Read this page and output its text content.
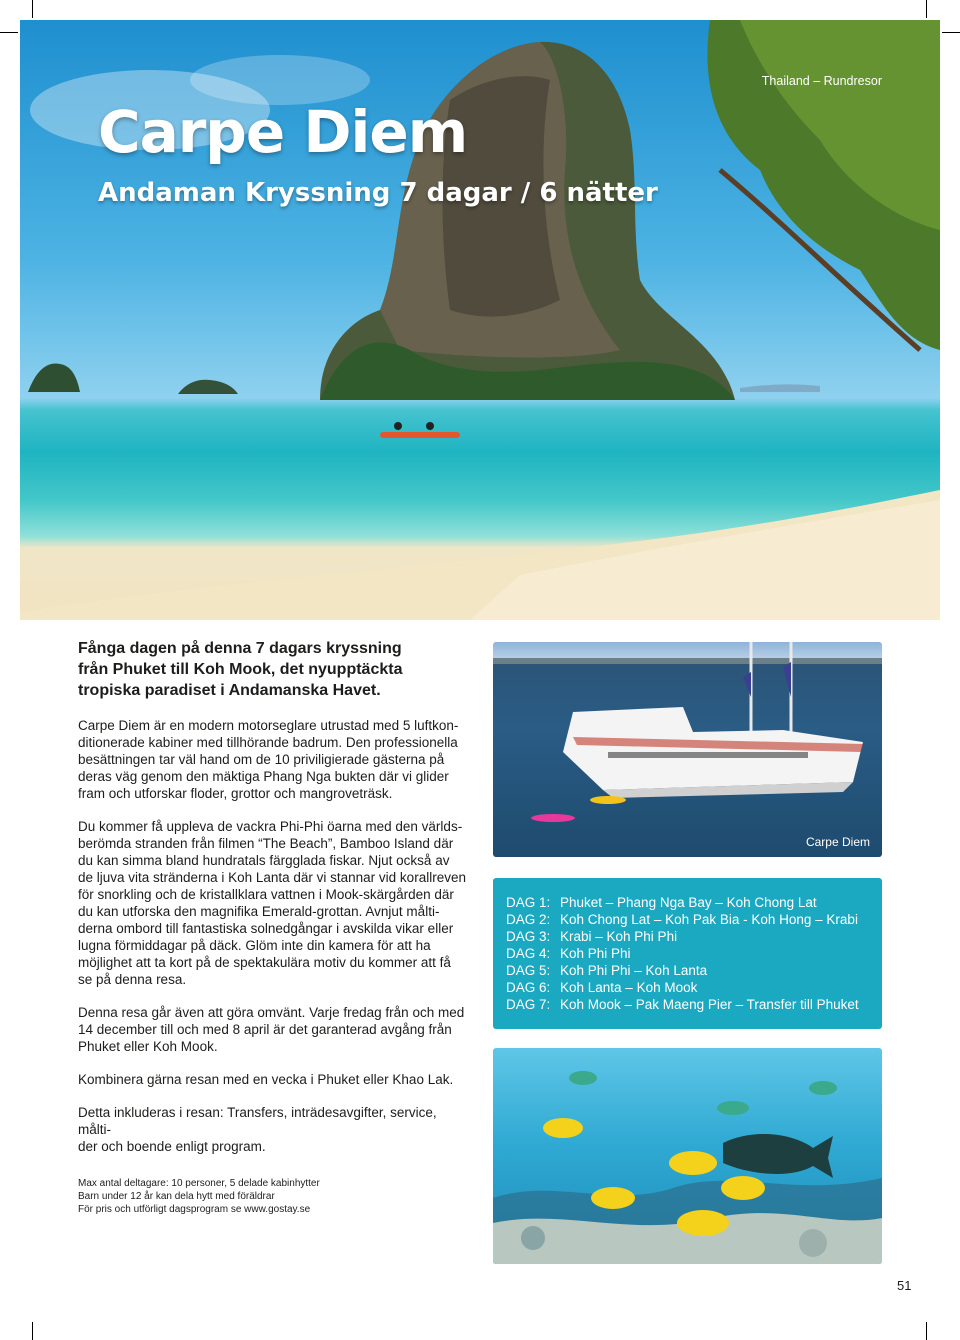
Thailand – Rundresor
Carpe Diem
Andaman Kryssning 7 dagar / 6 nätter

Fånga dagen på denna 7 dagars kryssning
från Phuket till Koh Mook, det nyupptäckta
tropiska paradiset i Andamanska Havet.

Carpe Diem är en modern motorseglare utrustad med 5 luftkon-
ditionerade kabiner med tillhörande badrum. Den professionella
besättningen tar väl hand om de 10 priviligierade gästerna på
deras väg genom den mäktiga Phang Nga bukten där vi glider
fram och utforskar floder, grottor och mangroveträsk.

Du kommer få uppleva de vackra Phi-Phi öarna med den världs-
berömda stranden från filmen “The Beach”, Bamboo Island där
du kan simma bland hundratals färgglada fiskar. Njut också av
de ljuva vita stränderna i Koh Lanta där vi stannar vid korallreven
för snorkling och de kristallklara vattnen i Mook-skärgården där
du kan utforska den magnifika Emerald-grottan. Avnjut målti-
derna ombord till fantastiska solnedgångar i avskilda vikar eller
lugna förmiddagar på däck. Glöm inte din kamera för att ha
möjlighet att ta kort på de spektakulära motiv du kommer att få
se på denna resa.

Denna resa går även att göra omvänt. Varje fredag från och med
14 december till och med 8 april är det garanterad avgång från
Phuket eller Koh Mook.

Kombinera gärna resan med en vecka i Phuket eller Khao Lak.

Detta inkluderas i resan: Transfers, inträdesavgifter, service, målti-
der och boende enligt program.

Max antal deltagare: 10 personer, 5 delade kabinhytter
Barn under 12 år kan dela hytt med föräldrar
För pris och utförligt dagsprogram se www.gostay.se
Carpe Diem
DAG 1: Phuket – Phang Nga Bay – Koh Chong Lat
DAG 2: Koh Chong Lat – Koh Pak Bia - Koh Hong – Krabi
DAG 3: Krabi – Koh Phi Phi
DAG 4: Koh Phi Phi
DAG 5: Koh Phi Phi – Koh Lanta
DAG 6: Koh Lanta – Koh Mook
DAG 7: Koh Mook – Pak Maeng Pier – Transfer till Phuket
51
